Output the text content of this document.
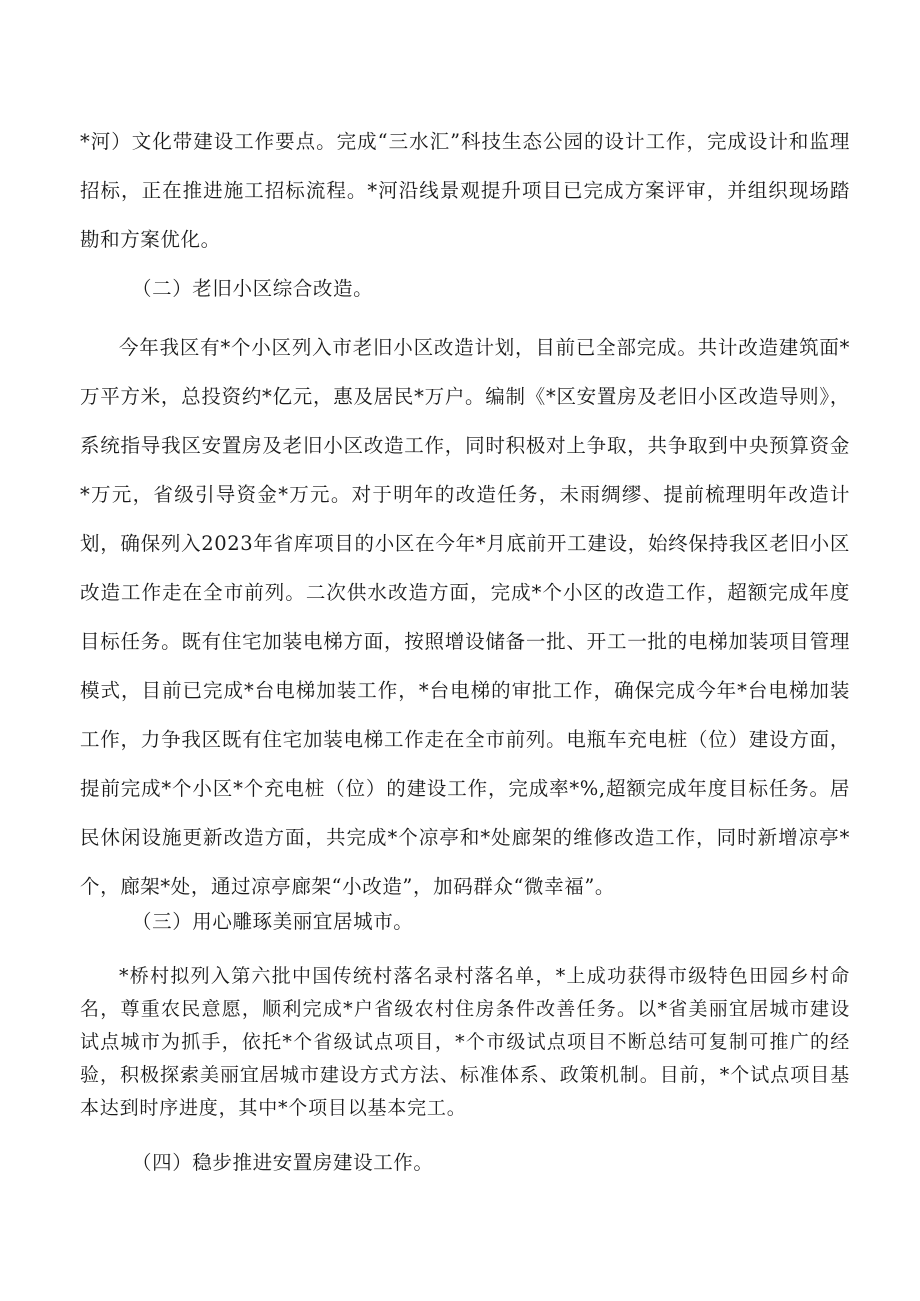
*河）文化带建设工作要点。完成“三水汇”科技生态公园的设计工作，完成设计和监理招标，正在推进施工招标流程。*河沿线景观提升项目已完成方案评审，并组织现场踏勘和方案优化。

（二）老旧小区综合改造。

今年我区有*个小区列入市老旧小区改造计划，目前已全部完成。共计改造建筑面*万平方米，总投资约*亿元，惠及居民*万户。编制《*区安置房及老旧小区改造导则》，系统指导我区安置房及老旧小区改造工作，同时积极对上争取，共争取到中央预算资金*万元，省级引导资金*万元。对于明年的改造任务，未雨绸缪、提前梳理明年改造计划，确保列入2023年省库项目的小区在今年*月底前开工建设，始终保持我区老旧小区改造工作走在全市前列。二次供水改造方面，完成*个小区的改造工作，超额完成年度目标任务。既有住宅加装电梯方面，按照增设储备一批、开工一批的电梯加装项目管理模式，目前已完成*台电梯加装工作，*台电梯的审批工作，确保完成今年*台电梯加装工作，力争我区既有住宅加装电梯工作走在全市前列。电瓶车充电桩（位）建设方面，提前完成*个小区*个充电桩（位）的建设工作，完成率*%,超额完成年度目标任务。居民休闲设施更新改造方面，共完成*个凉亭和*处廊架的维修改造工作，同时新增凉亭*个，廊架*处，通过凉亭廊架“小改造”，加码群众“微幸福”。

（三）用心雕琢美丽宜居城市。

*桥村拟列入第六批中国传统村落名录村落名单，*上成功获得市级特色田园乡村命名，尊重农民意愿，顺利完成*户省级农村住房条件改善任务。以*省美丽宜居城市建设试点城市为抓手，依托*个省级试点项目，*个市级试点项目不断总结可复制可推广的经验，积极探索美丽宜居城市建设方式方法、标准体系、政策机制。目前，*个试点项目基本达到时序进度，其中*个项目以基本完工。

（四）稳步推进安置房建设工作。
